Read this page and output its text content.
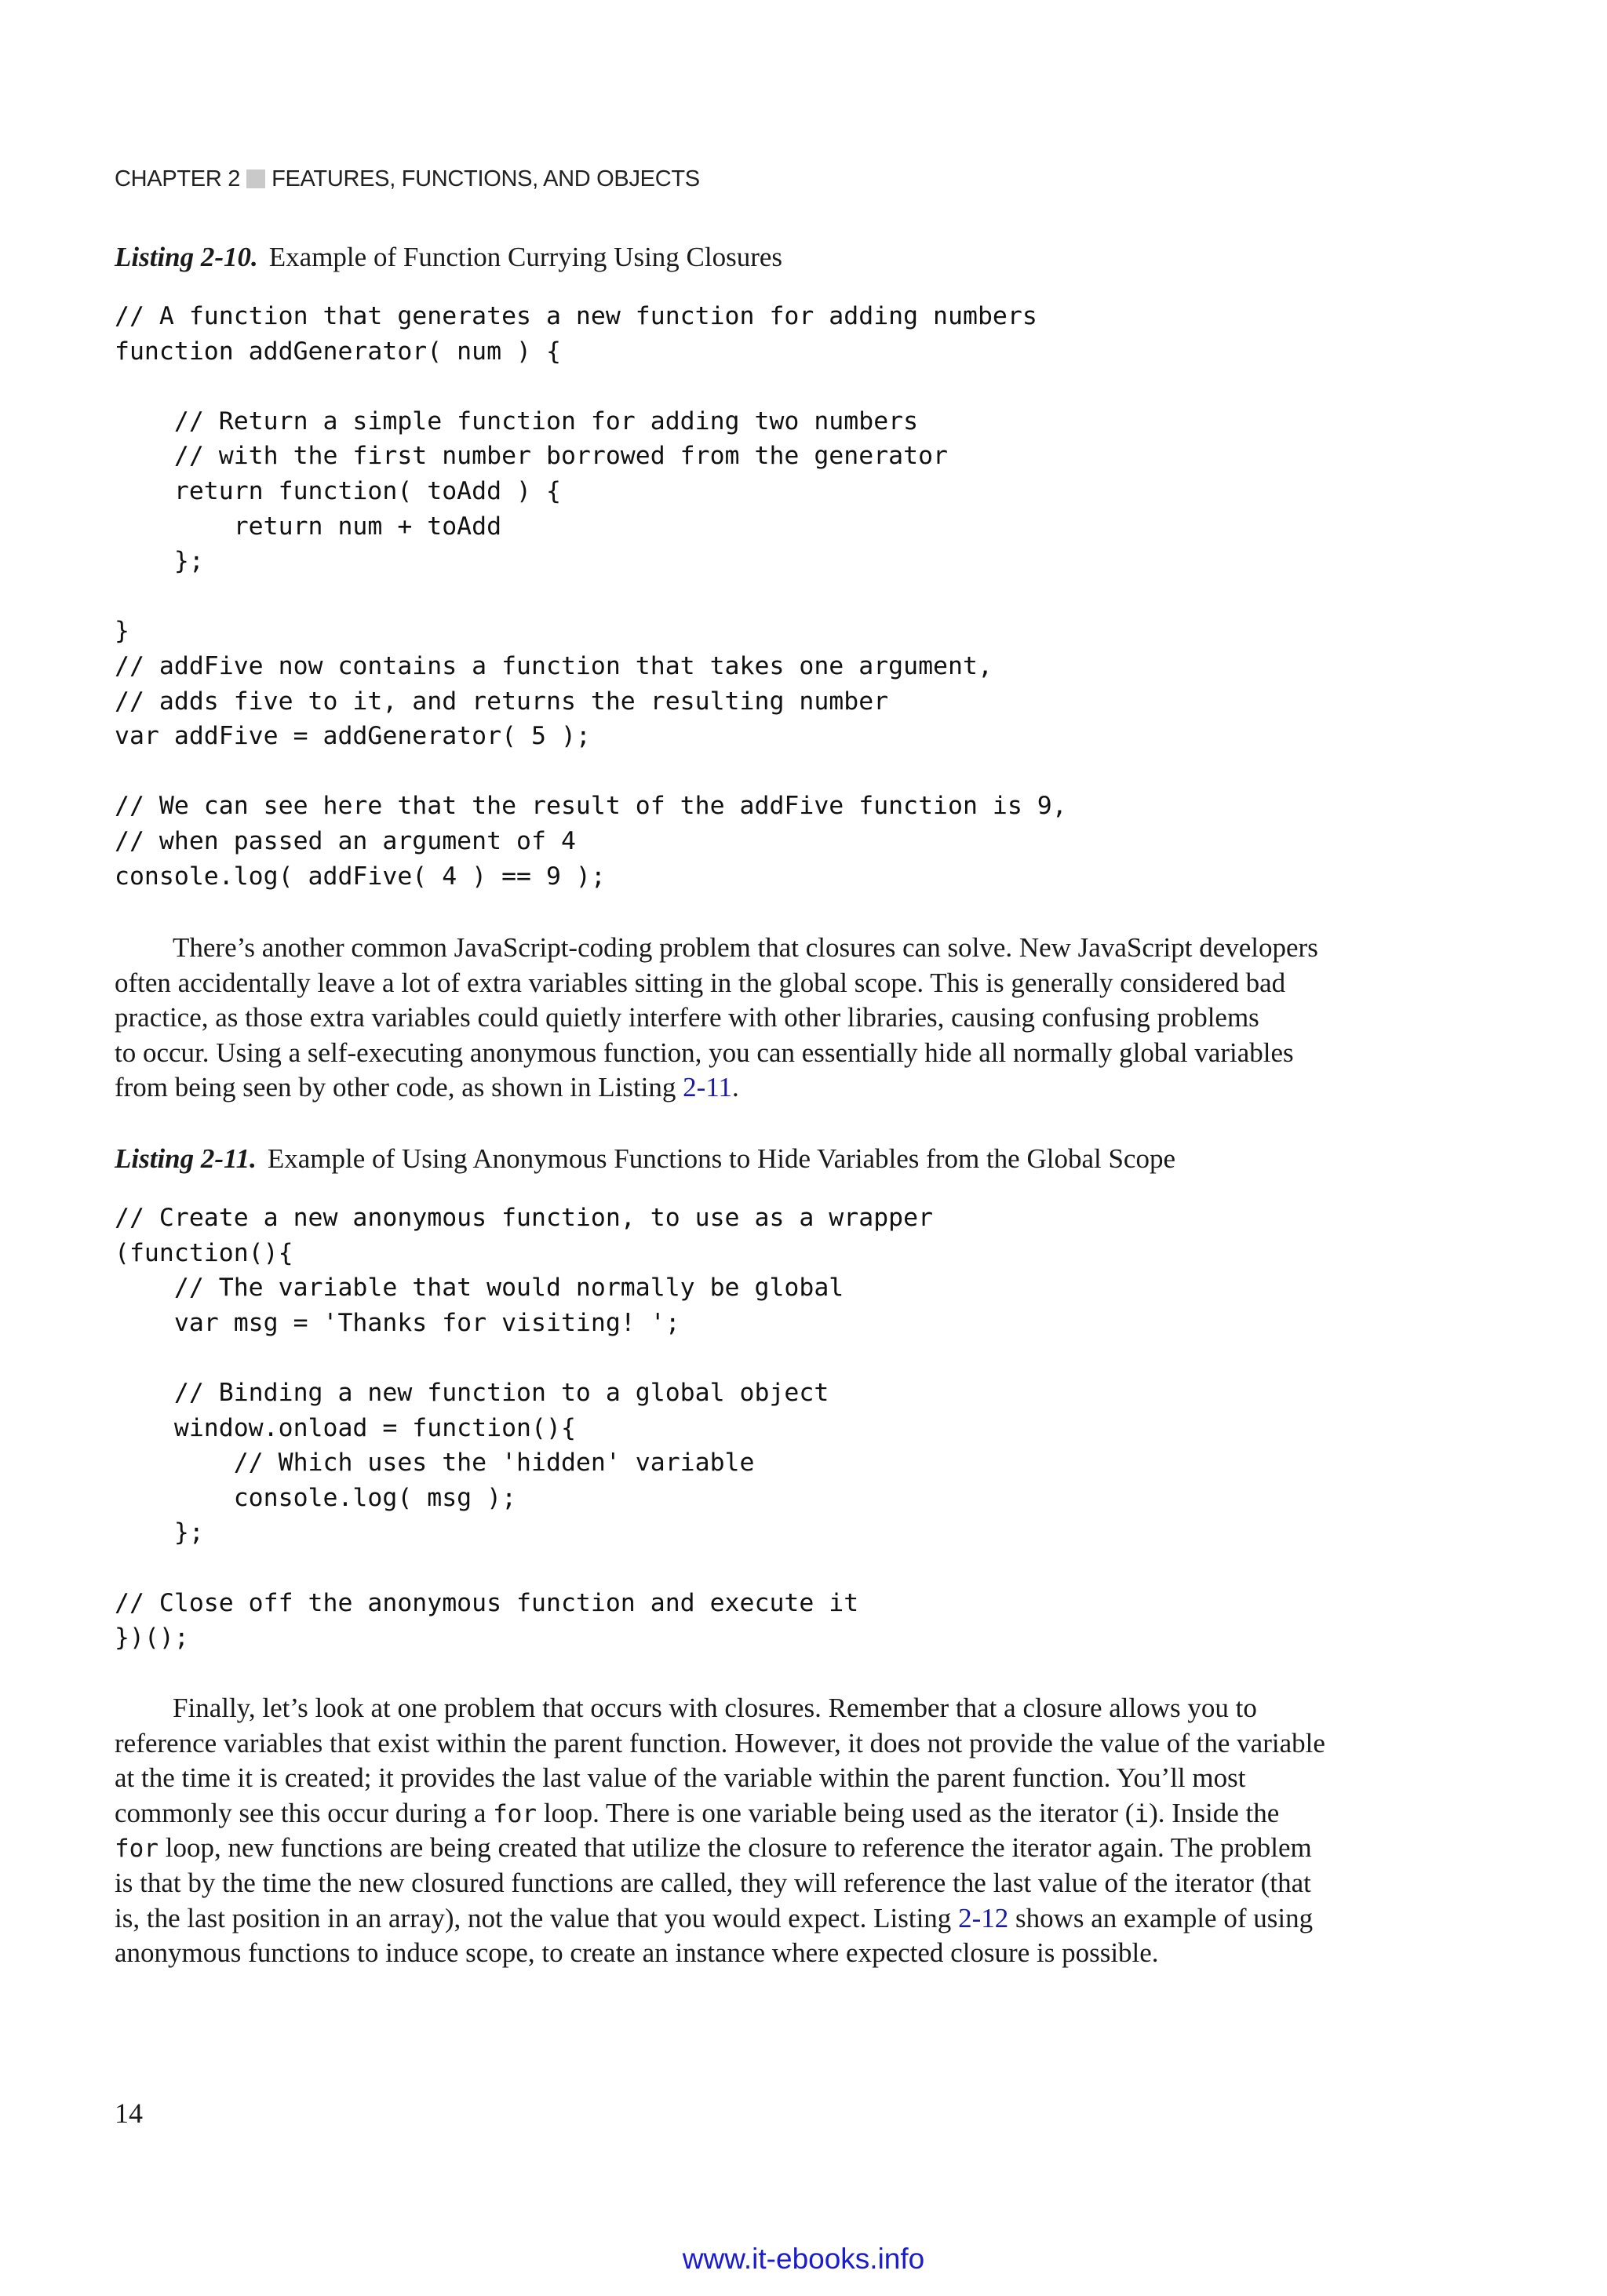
CHAPTER 2 FEATURES, FUNCTIONS, AND OBJECTS
Listing 2-10. Example of Function Currying Using Closures
// A function that generates a new function for adding numbers
function addGenerator( num ) {
// Return a simple function for adding two numbers
// with the first number borrowed from the generator
return function( toAdd ) {
return num + toAdd
};
}
// addFive now contains a function that takes one argument,
// adds five to it, and returns the resulting number
var addFive = addGenerator( 5 );
// We can see here that the result of the addFive function is 9,
// when passed an argument of 4
console.log( addFive( 4 ) == 9 );
There’s another common JavaScript-coding problem that closures can solve. New JavaScript developers
often accidentally leave a lot of extra variables sitting in the global scope. This is generally considered bad
practice, as those extra variables could quietly interfere with other libraries, causing confusing problems
to occur. Using a self-executing anonymous function, you can essentially hide all normally global variables
from being seen by other code, as shown in Listing 2-11.
Listing 2-11. Example of Using Anonymous Functions to Hide Variables from the Global Scope
// Create a new anonymous function, to use as a wrapper
(function(){
// The variable that would normally be global
var msg = 'Thanks for visiting! ';
// Binding a new function to a global object
window.onload = function(){
// Which uses the 'hidden' variable
console.log( msg );
};
// Close off the anonymous function and execute it
})();
Finally, let’s look at one problem that occurs with closures. Remember that a closure allows you to
reference variables that exist within the parent function. However, it does not provide the value of the variable
at the time it is created; it provides the last value of the variable within the parent function. You’ll most
commonly see this occur during a for loop. There is one variable being used as the iterator (i). Inside the
for loop, new functions are being created that utilize the closure to reference the iterator again. The problem
is that by the time the new closured functions are called, they will reference the last value of the iterator (that
is, the last position in an array), not the value that you would expect. Listing 2-12 shows an example of using
anonymous functions to induce scope, to create an instance where expected closure is possible.
14
www.it-ebooks.info
